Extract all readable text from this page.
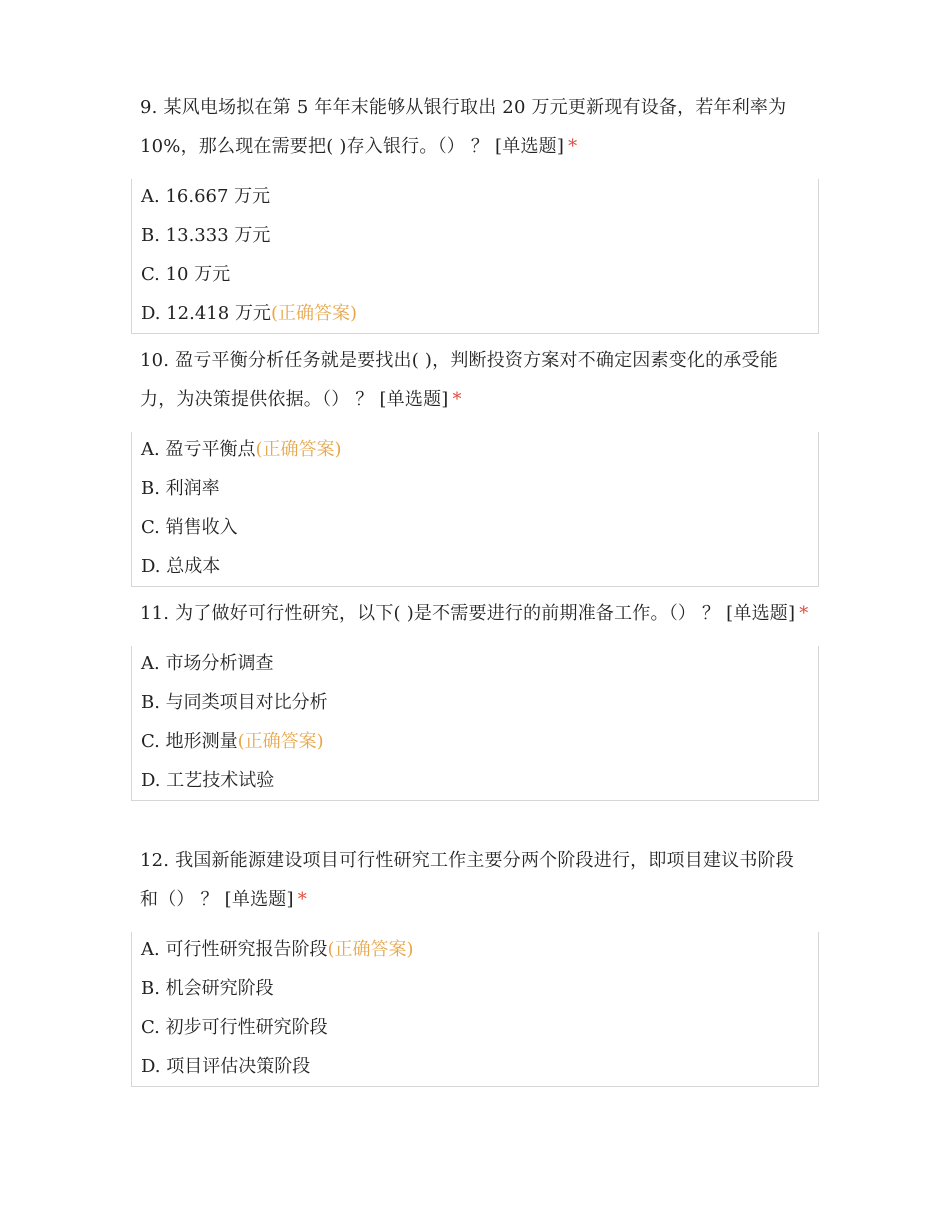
9. 某风电场拟在第 5 年年末能够从银行取出 20 万元更新现有设备，若年利率为 10%，那么现在需要把( )存入银行。（） ？ [单选题] *

A. 16.667 万元
B. 13.333 万元
C. 10 万元
D. 12.418 万元(正确答案)

10. 盈亏平衡分析任务就是要找出( )，判断投资方案对不确定因素变化的承受能力，为决策提供依据。（） ？ [单选题] *

A. 盈亏平衡点(正确答案)
B. 利润率
C. 销售收入
D. 总成本

11. 为了做好可行性研究，以下( )是不需要进行的前期准备工作。（） ？ [单选题] *

A. 市场分析调查
B. 与同类项目对比分析
C. 地形测量(正确答案)
D. 工艺技术试验

12. 我国新能源建设项目可行性研究工作主要分两个阶段进行，即项目建议书阶段和（） ？ [单选题] *

A. 可行性研究报告阶段(正确答案)
B. 机会研究阶段
C. 初步可行性研究阶段
D. 项目评估决策阶段
